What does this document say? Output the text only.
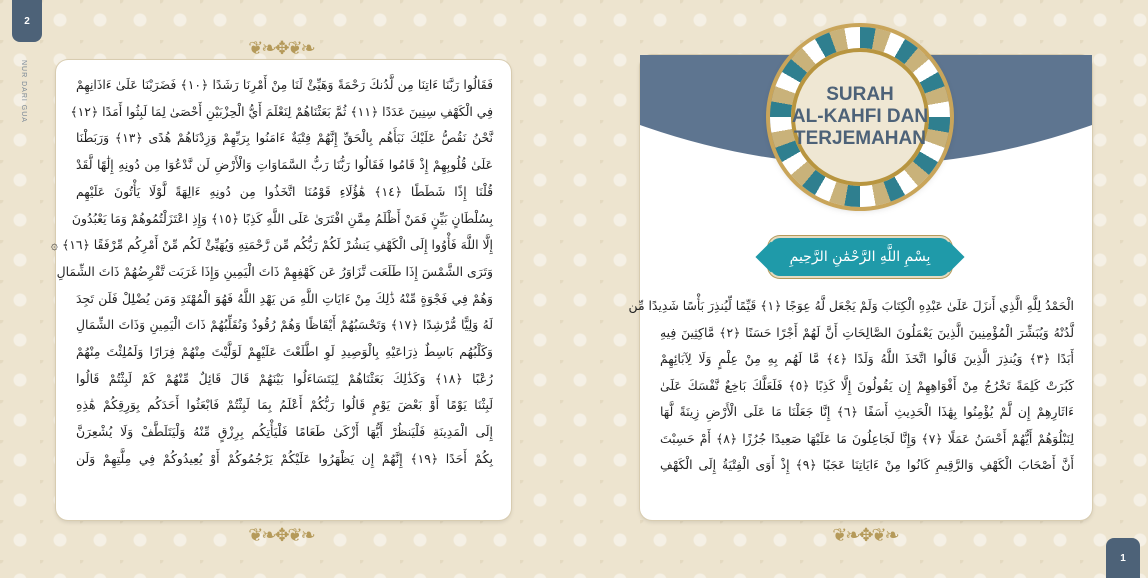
2
NUR DARI GUA
❦❧✥❦❧
❦❧✥❦❧

فَقَالُوا رَبَّنَا ءَاتِنَا مِن لَّدُنكَ رَحْمَةً وَهَيِّئْ لَنَا مِنْ أَمْرِنَا رَشَدًا ﴿١٠﴾ فَضَرَبْنَا عَلَىٰ ءَاذَانِهِمْ

فِي الْكَهْفِ سِنِينَ عَدَدًا ﴿١١﴾ ثُمَّ بَعَثْنَاهُمْ لِنَعْلَمَ أَيُّ الْحِزْبَيْنِ أَحْصَىٰ لِمَا لَبِثُوا أَمَدًا ﴿١٢﴾

نَّحْنُ نَقُصُّ عَلَيْكَ نَبَأَهُم بِالْحَقِّ إِنَّهُمْ فِتْيَةٌ ءَامَنُوا بِرَبِّهِمْ وَزِدْنَاهُمْ هُدًى ﴿١٣﴾ وَرَبَطْنَا

عَلَىٰ قُلُوبِهِمْ إِذْ قَامُوا فَقَالُوا رَبُّنَا رَبُّ السَّمَاوَاتِ وَالْأَرْضِ لَن نَّدْعُوَا مِن دُونِهِ إِلَٰهًا لَّقَدْ

قُلْنَا إِذًا شَطَطًا ﴿١٤﴾ هَٰؤُلَاءِ قَوْمُنَا اتَّخَذُوا مِن دُونِهِ ءَالِهَةً لَّوْلَا يَأْتُونَ عَلَيْهِم

بِسُلْطَانٍ بَيِّنٍ فَمَنْ أَظْلَمُ مِمَّنِ افْتَرَىٰ عَلَى اللَّهِ كَذِبًا ﴿١٥﴾ وَإِذِ اعْتَزَلْتُمُوهُمْ وَمَا يَعْبُدُونَ

إِلَّا اللَّهَ فَأْوُوا إِلَى الْكَهْفِ يَنشُرْ لَكُمْ رَبُّكُم مِّن رَّحْمَتِهِ وَيُهَيِّئْ لَكُم مِّنْ أَمْرِكُم مِّرْفَقًا ﴿١٦﴾ ۞

وَتَرَى الشَّمْسَ إِذَا طَلَعَت تَّزَاوَرُ عَن كَهْفِهِمْ ذَاتَ الْيَمِينِ وَإِذَا غَرَبَت تَّقْرِضُهُمْ ذَاتَ الشِّمَالِ

وَهُمْ فِي فَجْوَةٍ مِّنْهُ ذَٰلِكَ مِنْ ءَايَاتِ اللَّهِ مَن يَهْدِ اللَّهُ فَهُوَ الْمُهْتَدِ وَمَن يُضْلِلْ فَلَن تَجِدَ

لَهُ وَلِيًّا مُّرْشِدًا ﴿١٧﴾ وَتَحْسَبُهُمْ أَيْقَاظًا وَهُمْ رُقُودٌ وَنُقَلِّبُهُمْ ذَاتَ الْيَمِينِ وَذَاتَ الشِّمَالِ

وَكَلْبُهُم بَاسِطٌ ذِرَاعَيْهِ بِالْوَصِيدِ لَوِ اطَّلَعْتَ عَلَيْهِمْ لَوَلَّيْتَ مِنْهُمْ فِرَارًا وَلَمُلِئْتَ مِنْهُمْ

رُعْبًا ﴿١٨﴾ وَكَذَٰلِكَ بَعَثْنَاهُمْ لِيَتَسَاءَلُوا بَيْنَهُمْ قَالَ قَائِلٌ مِّنْهُمْ كَمْ لَبِثْتُمْ قَالُوا

لَبِثْنَا يَوْمًا أَوْ بَعْضَ يَوْمٍ قَالُوا رَبُّكُمْ أَعْلَمُ بِمَا لَبِثْتُمْ فَابْعَثُوا أَحَدَكُم بِوَرِقِكُمْ هَٰذِهِ

إِلَى الْمَدِينَةِ فَلْيَنظُرْ أَيُّهَا أَزْكَىٰ طَعَامًا فَلْيَأْتِكُم بِرِزْقٍ مِّنْهُ وَلْيَتَلَطَّفْ وَلَا يُشْعِرَنَّ

بِكُمْ أَحَدًا ﴿١٩﴾ إِنَّهُمْ إِن يَظْهَرُوا عَلَيْكُمْ يَرْجُمُوكُمْ أَوْ يُعِيدُوكُمْ فِي مِلَّتِهِمْ وَلَن

❦❧✥❦❧
SURAH
AL-KAHFI DAN
TERJEMAHAN
بِسْمِ اللَّهِ الرَّحْمَٰنِ الرَّحِيمِ

الْحَمْدُ لِلَّهِ الَّذِي أَنزَلَ عَلَىٰ عَبْدِهِ الْكِتَابَ وَلَمْ يَجْعَل لَّهُ عِوَجًا ﴿١﴾ قَيِّمًا لِّيُنذِرَ بَأْسًا شَدِيدًا مِّن

لَّدُنْهُ وَيُبَشِّرَ الْمُؤْمِنِينَ الَّذِينَ يَعْمَلُونَ الصَّالِحَاتِ أَنَّ لَهُمْ أَجْرًا حَسَنًا ﴿٢﴾ مَّاكِثِينَ فِيهِ

أَبَدًا ﴿٣﴾ وَيُنذِرَ الَّذِينَ قَالُوا اتَّخَذَ اللَّهُ وَلَدًا ﴿٤﴾ مَّا لَهُم بِهِ مِنْ عِلْمٍ وَلَا لِآبَائِهِمْ

كَبُرَتْ كَلِمَةً تَخْرُجُ مِنْ أَفْوَاهِهِمْ إِن يَقُولُونَ إِلَّا كَذِبًا ﴿٥﴾ فَلَعَلَّكَ بَاخِعٌ نَّفْسَكَ عَلَىٰ

ءَاثَارِهِمْ إِن لَّمْ يُؤْمِنُوا بِهَٰذَا الْحَدِيثِ أَسَفًا ﴿٦﴾ إِنَّا جَعَلْنَا مَا عَلَى الْأَرْضِ زِينَةً لَّهَا

لِنَبْلُوَهُمْ أَيُّهُمْ أَحْسَنُ عَمَلًا ﴿٧﴾ وَإِنَّا لَجَاعِلُونَ مَا عَلَيْهَا صَعِيدًا جُرُزًا ﴿٨﴾ أَمْ حَسِبْتَ

أَنَّ أَصْحَابَ الْكَهْفِ وَالرَّقِيمِ كَانُوا مِنْ ءَايَاتِنَا عَجَبًا ﴿٩﴾ إِذْ أَوَى الْفِتْيَةُ إِلَى الْكَهْفِ

1
